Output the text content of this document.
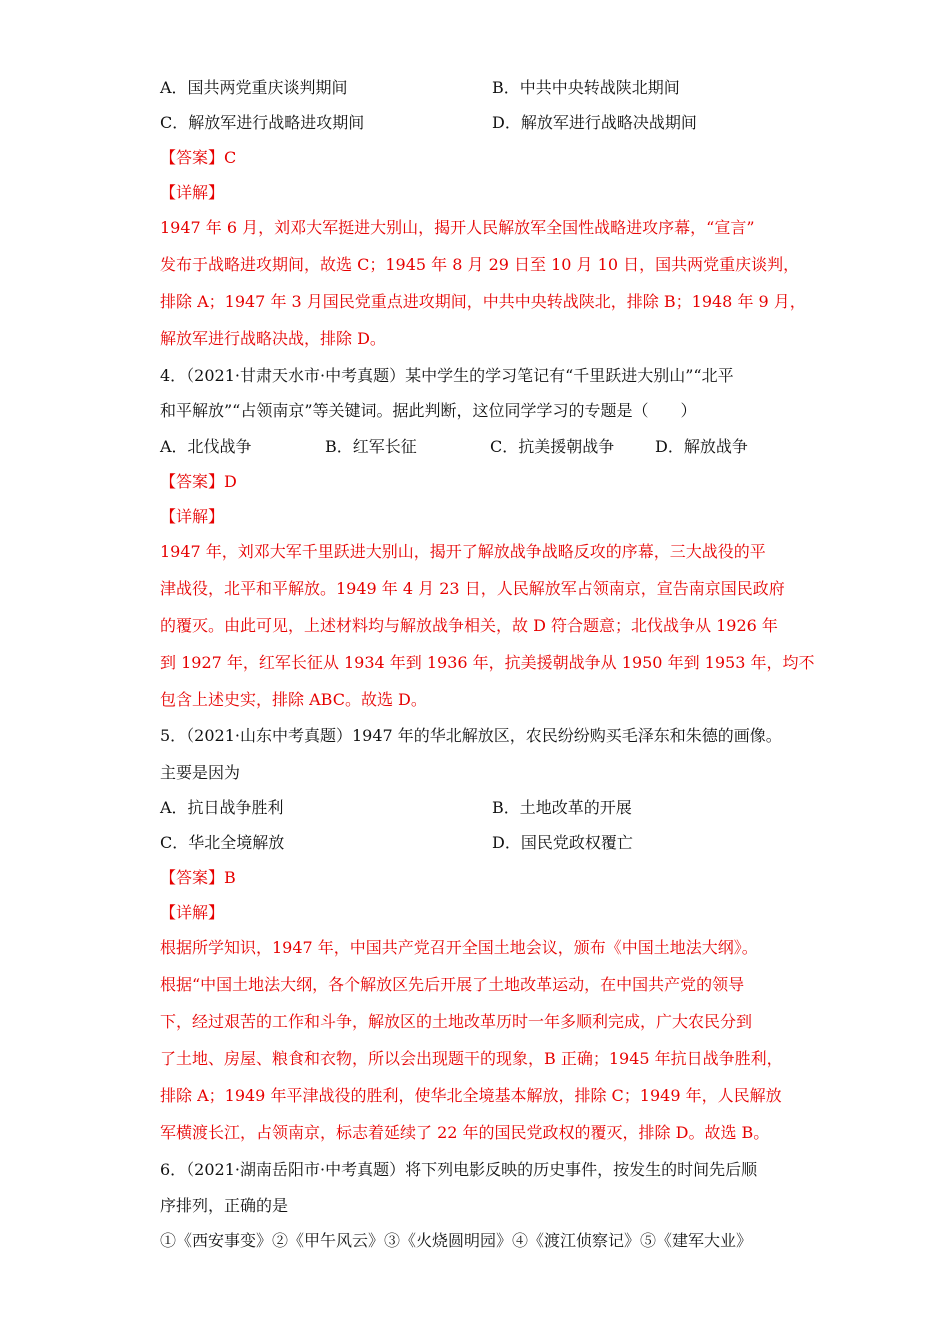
A．国共两党重庆谈判期间	B．中共中央转战陕北期间
C．解放军进行战略进攻期间	D．解放军进行战略决战期间
【答案】C
【详解】
1947 年 6 月，刘邓大军挺进大别山，揭开人民解放军全国性战略进攻序幕，“宣言”
发布于战略进攻期间，故选 C；1945 年 8 月 29 日至 10 月 10 日，国共两党重庆谈判，
排除 A；1947 年 3 月国民党重点进攻期间，中共中央转战陕北，排除 B；1948 年 9 月，
解放军进行战略决战，排除 D。
4．（2021·甘肃天水市·中考真题）某中学生的学习笔记有“千里跃进大别山”“北平
和平解放”“占领南京”等关键词。据此判断，这位同学学习的专题是（　　）
A．北伐战争	B．红军长征	C．抗美援朝战争	D．解放战争
【答案】D
【详解】
1947 年，刘邓大军千里跃进大别山，揭开了解放战争战略反攻的序幕，三大战役的平
津战役，北平和平解放。1949 年 4 月 23 日，人民解放军占领南京，宣告南京国民政府
的覆灭。由此可见，上述材料均与解放战争相关，故 D 符合题意；北伐战争从 1926 年
到 1927 年，红军长征从 1934 年到 1936 年，抗美援朝战争从 1950 年到 1953 年，均不
包含上述史实，排除 ABC。故选 D。
5．（2021·山东中考真题）1947 年的华北解放区，农民纷纷购买毛泽东和朱德的画像。
主要是因为
A．抗日战争胜利	B．土地改革的开展
C．华北全境解放	D．国民党政权覆亡
【答案】B
【详解】
根据所学知识，1947 年，中国共产党召开全国土地会议，颁布《中国土地法大纲》。
根据“中国土地法大纲，各个解放区先后开展了土地改革运动，在中国共产党的领导
下，经过艰苦的工作和斗争，解放区的土地改革历时一年多顺利完成，广大农民分到
了土地、房屋、粮食和衣物，所以会出现题干的现象，B 正确；1945 年抗日战争胜利，
排除 A；1949 年平津战役的胜利，使华北全境基本解放，排除 C；1949 年，人民解放
军横渡长江，占领南京，标志着延续了 22 年的国民党政权的覆灭，排除 D。故选 B。
6．（2021·湖南岳阳市·中考真题）将下列电影反映的历史事件，按发生的时间先后顺
序排列，正确的是
①《西安事变》②《甲午风云》③《火烧圆明园》④《渡江侦察记》⑤《建军大业》
